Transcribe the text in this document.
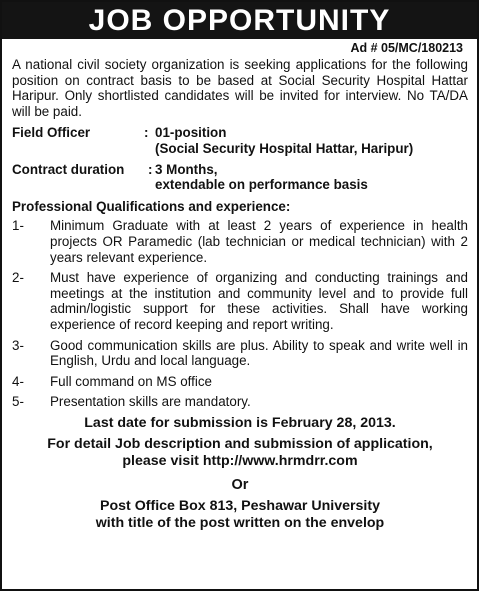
JOB OPPORTUNITY
Ad # 05/MC/180213

A national civil society organization is seeking applications for the following position on contract basis to be based at Social Security Hospital Hattar Haripur. Only shortlisted candidates will be invited for interview. No TA/DA will be paid.

Field Officer	: 01-position
(Social Security Hospital Hattar, Haripur)
Contract duration	: 3 Months,
extendable on performance basis
Professional Qualifications and experience:
1-	Minimum Graduate with at least 2 years of experience in health projects OR Paramedic (lab technician or medical technician) with 2 years relevant experience.
2-	Must have experience of organizing and conducting trainings and meetings at the institution and community level and to provide full admin/logistic support for these activities. Shall have working experience of record keeping and report writing.
3-	Good communication skills are plus. Ability to speak and write well in English, Urdu and local language.
4-	Full command on MS office
5-	Presentation skills are mandatory.
Last date for submission is February 28, 2013.
For detail Job description and submission of application,
please visit http://www.hrmdrr.com
Or
Post Office Box 813, Peshawar University
with title of the post written on the envelop
